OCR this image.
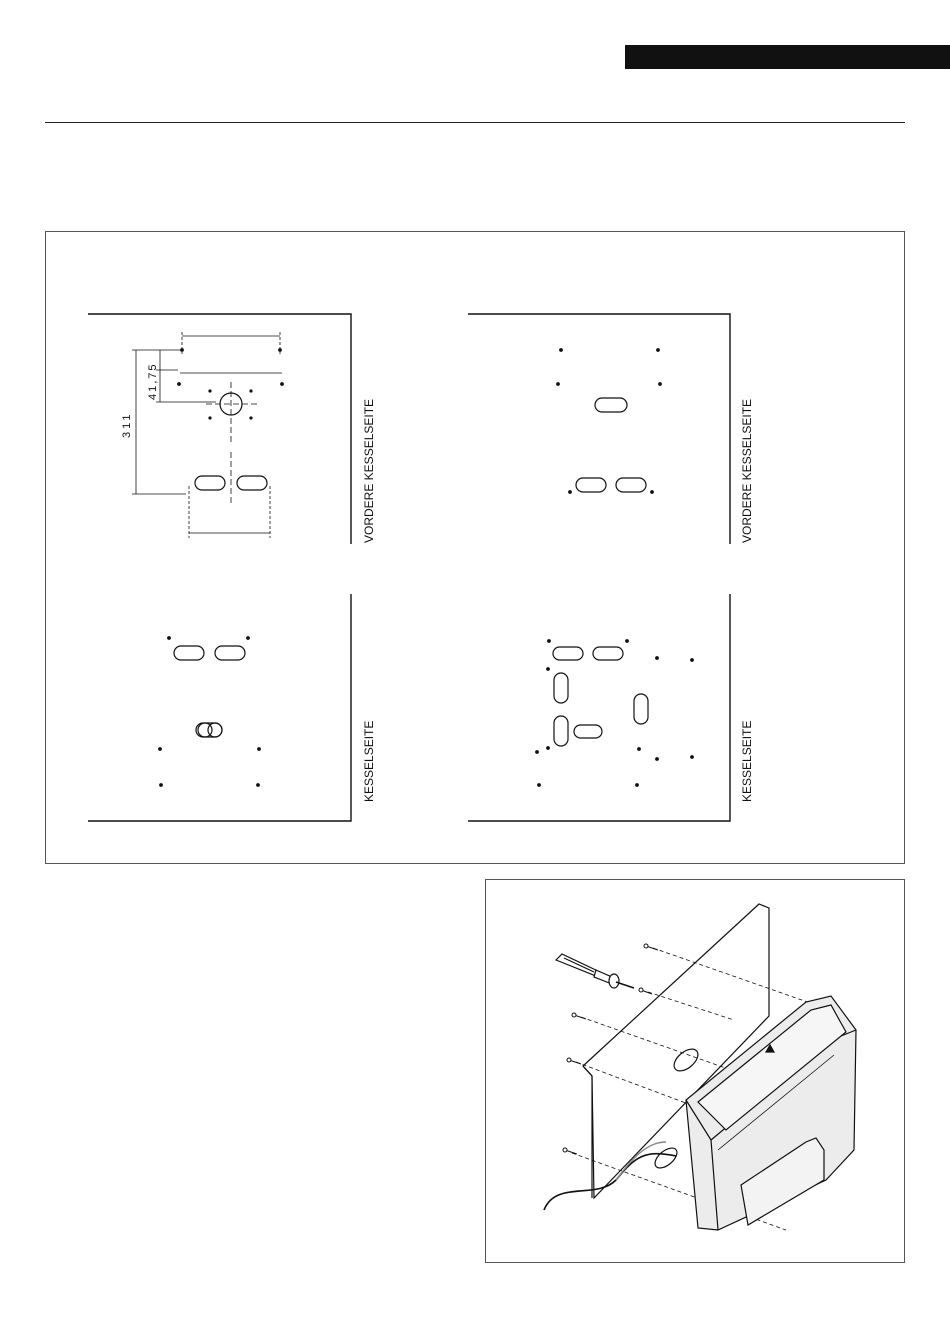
VORDERE KESSELSEITE	VORDERE KESSELSEITE
KESSELSEITE	KESSELSEITE
311
41,75
